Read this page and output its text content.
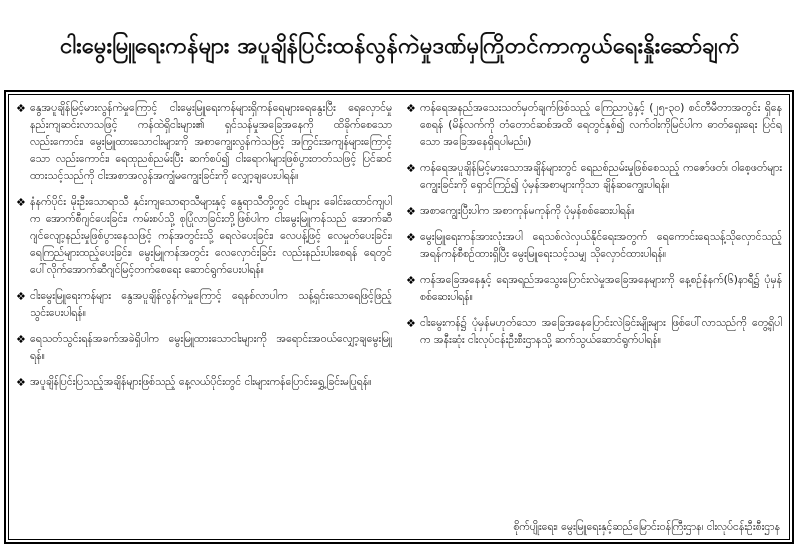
ငါးမွေးမြူရေးကန်များ အပူချိန်ပြင်းထန်လွန်ကဲမှုဒဏ်မှကြိုတင်ကာကွယ်ရေးနှိုးဆော်ချက်
❖ နွေအပူချိန်မြင့်မားလွန်ကဲမှုကြောင့် ငါးမွေးမြူရေးကန်များရှိကန်ရေများရေနွေးပြီး ရေလှောင်မှုနည်းကျဆင်းလာသဖြင့် ကန်ထဲရှိငါးများ၏ ရှင်သန်မှုအခြေအနေကို ထိခိုက်စေသော လည်းကောင်း၊ မွေးမြူထားသောငါးများကို အစာကျွေးလွန်ကဲသဖြင့် အကြွင်းအကျန်များကြောင့်သော လည်းကောင်း၊ ရေထုညစ်ညမ်းပြီး ဆက်စပ်၍ ငါးရောဂါများဖြစ်ပွားတတ်သဖြင့် ပြင်ဆင်ထားသင့်သည်ကို ငါးအစာအလွန်အကျွံမကျွေးခြင်းကို လျှော့ချပေးပါရန်။
❖ နံနက်ပိုင်း မိုးဦးသောရာသီ နှင်းကျသောရာသီများနှင့် နွေရာသီတို့တွင် ငါးများ ခေါင်းထောင်ကျပါက အောက်စီဂျင်ပေးခြင်း၊ ကမ်းစပ်သို့ စုပြုံလာခြင်းတို့ဖြစ်ပါက ငါးမွေးမြူကန်သည် အောက်ဆီဂျင်လျော့နည်းမှုဖြစ်ပွားနေသဖြင့် ကန်အတွင်းသို့ ရေလဲပေးခြင်း၊ လေပန့်ဖြင့် လေမှုတ်ပေးခြင်း၊ ရေကြည်များထည့်ပေးခြင်း၊ မွေးမြူကန်အတွင်း လေလှောင်းခြင်း လည်းနည်းပါးစေရန် ရေတွင်ပေါ်လိုက်အောက်ဆီဂျင်မြင့်တက်စေရေး ဆောင်ရွက်ပေးပါရန်။
❖ ငါးမွေးမြူရေးကန်များ နွေအပူချိန်လွန်ကဲမှုကြောင့် ရေနစ်လာပါက သန့်ရှင်းသောရေဖြင့်ဖြည့်သွင်းပေးပါရန်။
❖ ရေသတ်သွင်းရန်အခက်အခဲရှိပါက မွေးမြူထားသောငါးများကို အရောင်းအဝယ်လျှော့ချမွေးမြူရန်။
❖ အပူချိန်ပြင်းပြသည့်အချိန်များဖြစ်သည့် နေ့လယ်ပိုင်းတွင် ငါးများကန်ပြောင်းရွှေ့ခြင်းမပြုရန်။
❖ ကန်ရေအနည်အသေးသတ်မှတ်ချက်ဖြစ်သည့် ကြေညာပွဲနှင့် (၂၅-၃၀) စင်တီမီတာအတွင်း ရှိနေစေရန် (မိန်လက်ကို တံတောင်ဆစ်အထိ ရေတွင်နှစ်၍ လက်ဝါးကိုမြင်ပါက ဓာတ်ရှေးရေး ပြင်ရသော အခြေအနေရှိရပါမည်။)
❖ ကန်ရေအပူချိန်မြင့်မားသောအချိန်များတွင် ရေညစ်ညမ်းမှုဖြစ်စေသည့် ကဇော်ဖတ်၊ ဝါစေ့ဖတ်များကျွေးခြင်းကို ရှောင်ကြဉ်၍ ပုံမှန်အစာများကိုသာ ချိန်ဆကျွေးပါရန်။
❖ အစာကျွေးပြီးပါက အစာကုန်မကုန်ကို ပုံမှန်စစ်ဆေးပါရန်။
❖ မွေးမြူရေးကန်အားလုံးအပါ ရေသစ်လဲလှယ်နိုင်ရေးအတွက် ရေကောင်းရေသန့်သိုလှောင်သည့်အရန်ကန်စီစဉ်ထားရှိပြီး မွေးမြူရေးသင့်သမျှ သိုလှောင်ထားပါရန်။
❖ ကန်အခြေအနေနှင့် ရေအရည်အသွေးပြောင်းလဲမှုအခြေအနေများကို နေ့စဉ်နံနက်(၆)နာရီ၌ ပုံမှန်စစ်ဆေးပါရန်။
❖ ငါးမွေးကန်၌ ပုံမှန်မဟုတ်သော အခြေအနေပြောင်းလဲခြင်းမျိုးများ ဖြစ်ပေါ်လာသည်ကို တွေ့ရှိပါက အနီးဆုံး ငါးလုပ်ငန်းဦးစီးဌာနသို့ ဆက်သွယ်ဆောင်ရွက်ပါရန်။
စိုက်ပျိုးရေး၊ မွေးမြူရေးနှင့်ဆည်မြောင်းဝန်ကြီးဌာန၊ ငါးလုပ်ငန်းဦးစီးဌာန
